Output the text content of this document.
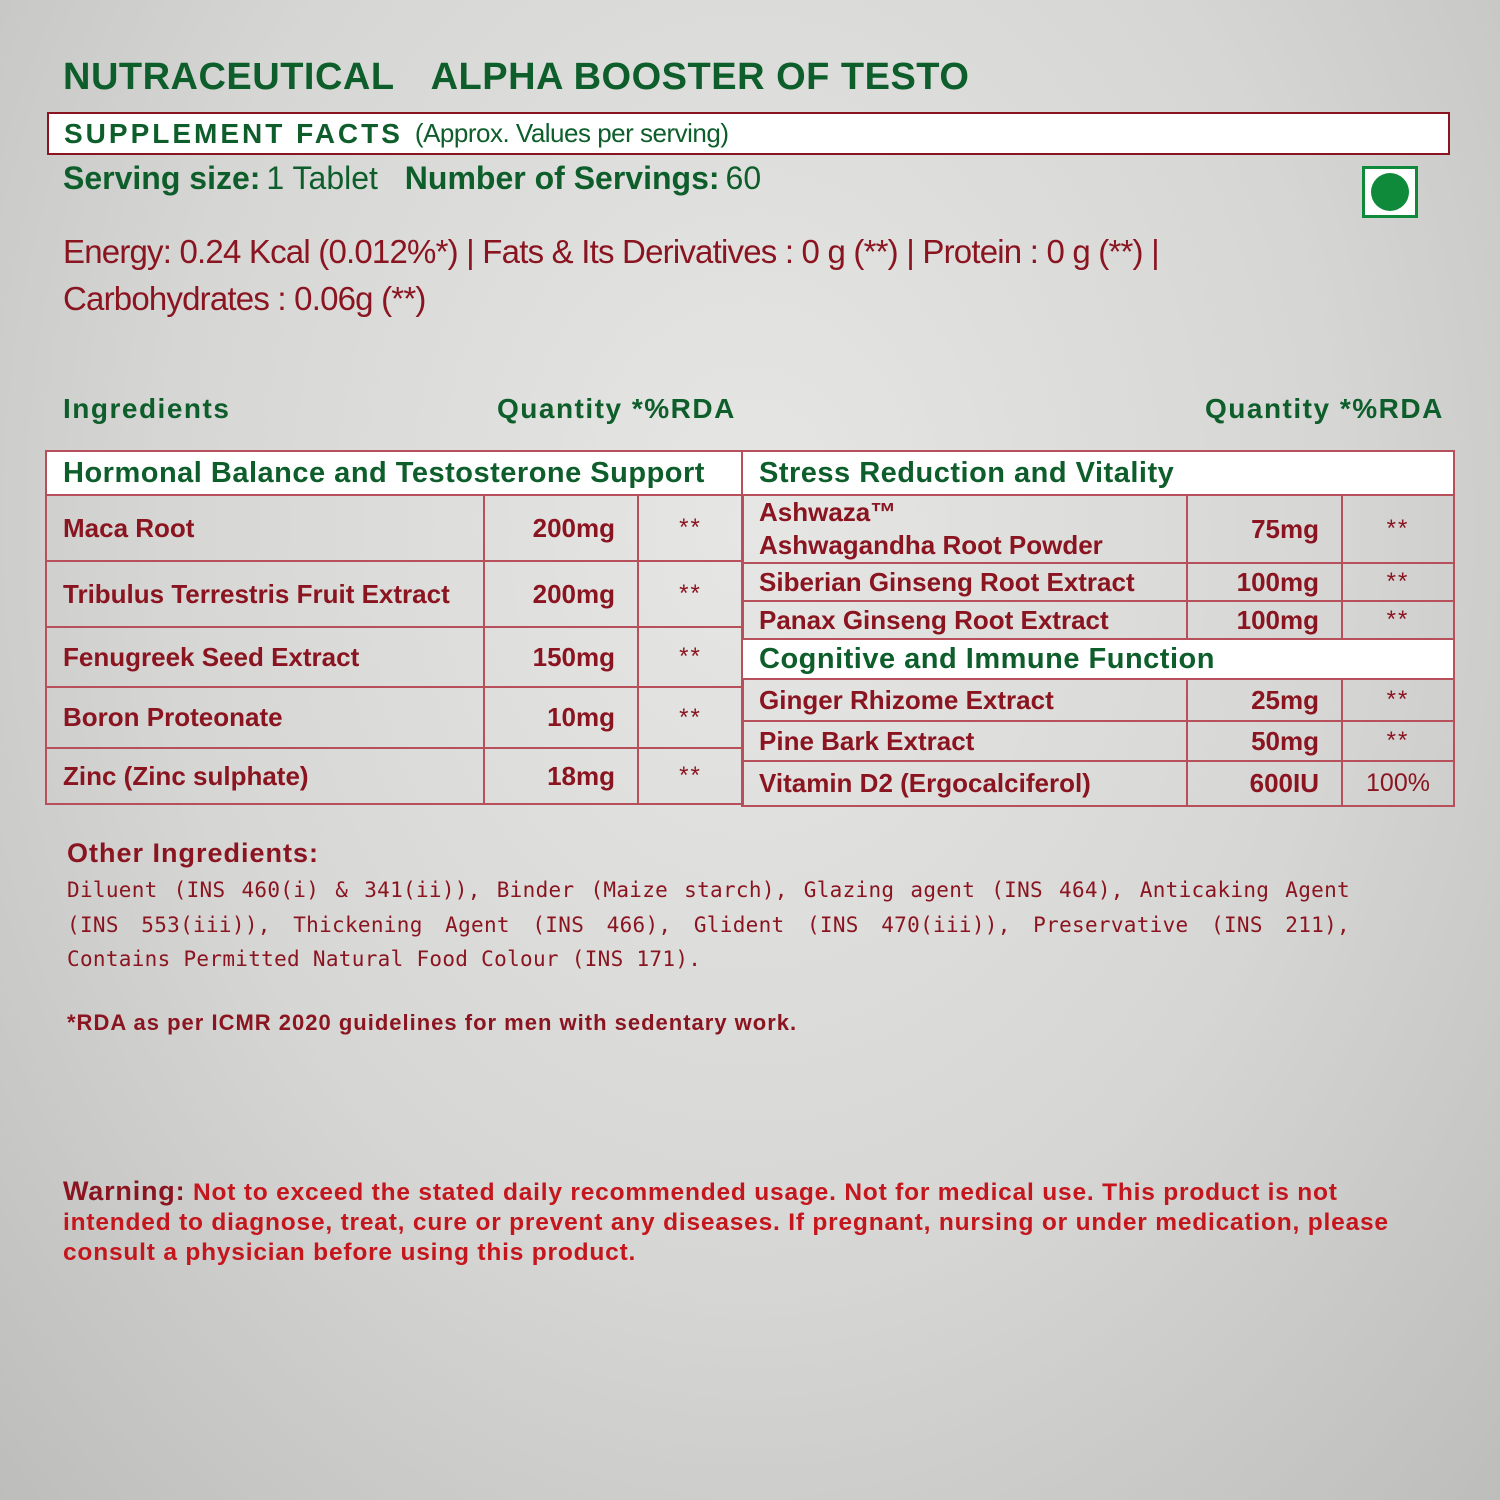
NUTRACEUTICAL ALPHA BOOSTER OF TESTO
SUPPLEMENT FACTS (Approx. Values per serving)
Serving size: 1 Tablet Number of Servings: 60
Energy: 0.24 Kcal (0.012%*) | Fats & Its Derivatives : 0 g (**) | Protein : 0 g (**) |
Carbohydrates : 0.06g (**)
Ingredients	Quantity *%RDA	Quantity *%RDA
Hormonal Balance and Testosterone Support		
Maca Root	200mg	**
Tribulus Terrestris Fruit Extract	200mg	**
Fenugreek Seed Extract	150mg	**
Boron Proteonate	10mg	**
Zinc (Zinc sulphate)	18mg	**
Stress Reduction and Vitality		

Ashwaza™
Ashwagandha Root Powder	75mg	**
Siberian Ginseng Root Extract	100mg	**
Panax Ginseng Root Extract	100mg	**
Cognitive and Immune Function		
Ginger Rhizome Extract	25mg	**
Pine Bark Extract	50mg	**
Vitamin D2 (Ergocalciferol)	600IU	100%
Other Ingredients:
Diluent (INS 460(i) & 341(ii)), Binder (Maize starch), Glazing agent (INS 464), Anticaking Agent (INS 553(iii)), Thickening Agent (INS 466), Glident (INS 470(iii)), Preservative (INS 211), Contains Permitted Natural Food Colour (INS 171).
*RDA as per ICMR 2020 guidelines for men with sedentary work.
Warning: Not to exceed the stated daily recommended usage. Not for medical use. This product is not intended to diagnose, treat, cure or prevent any diseases. If pregnant, nursing or under medication, please consult a physician before using this product.
